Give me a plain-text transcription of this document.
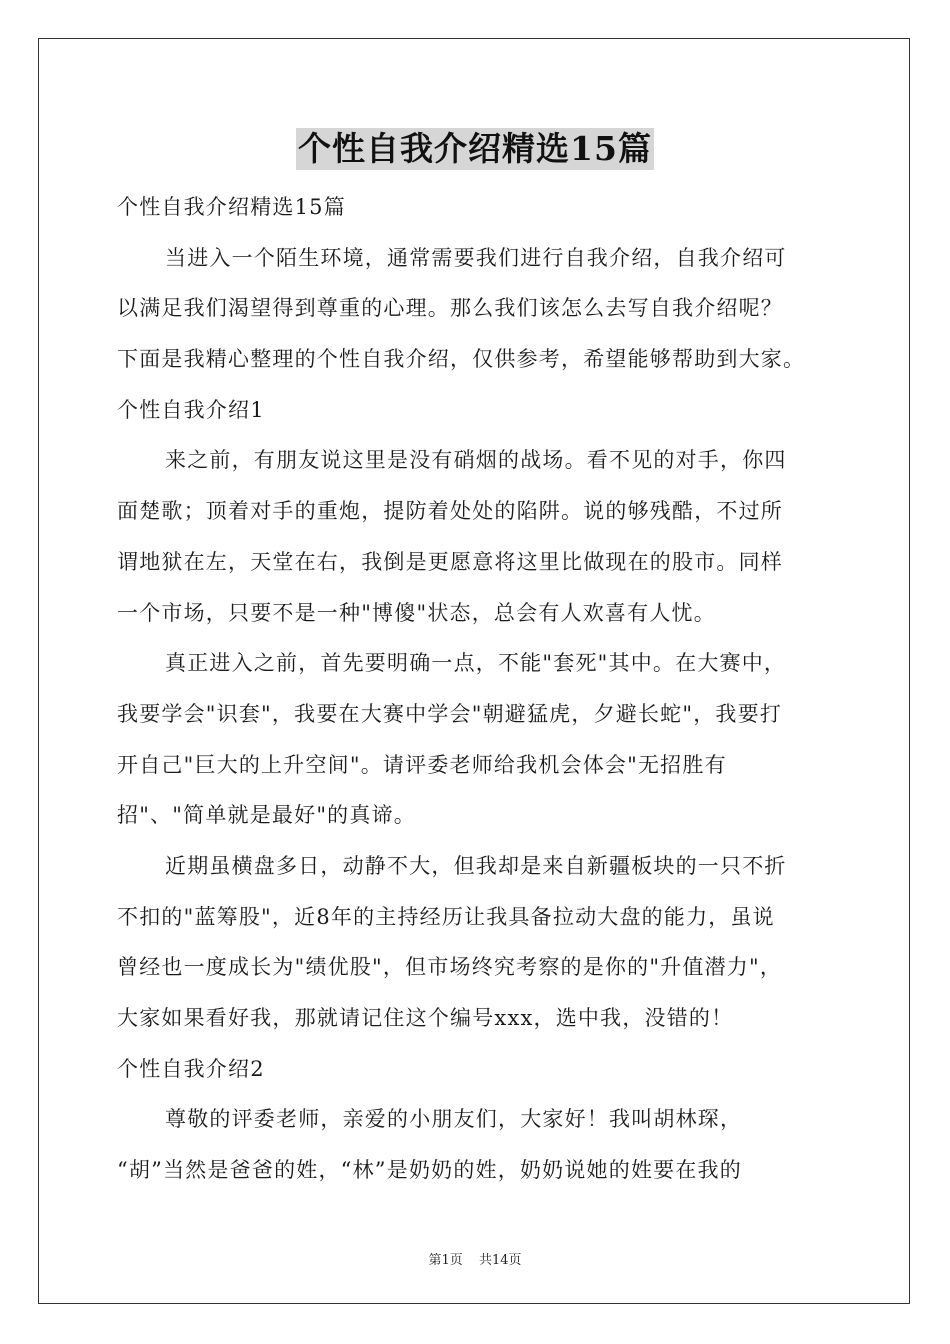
个性自我介绍精选15篇
个性自我介绍精选15篇
当进入一个陌生环境，通常需要我们进行自我介绍，自我介绍可
以满足我们渴望得到尊重的心理。那么我们该怎么去写自我介绍呢？
下面是我精心整理的个性自我介绍，仅供参考，希望能够帮助到大家。
个性自我介绍1
来之前，有朋友说这里是没有硝烟的战场。看不见的对手，你四
面楚歌；顶着对手的重炮，提防着处处的陷阱。说的够残酷，不过所
谓地狱在左，天堂在右，我倒是更愿意将这里比做现在的股市。同样
一个市场，只要不是一种"博傻"状态，总会有人欢喜有人忧。
真正进入之前，首先要明确一点，不能"套死"其中。在大赛中，
我要学会"识套"，我要在大赛中学会"朝避猛虎，夕避长蛇"，我要打
开自己"巨大的上升空间"。请评委老师给我机会体会"无招胜有
招"、"简单就是最好"的真谛。
近期虽横盘多日，动静不大，但我却是来自新疆板块的一只不折
不扣的"蓝筹股"，近8年的主持经历让我具备拉动大盘的能力，虽说
曾经也一度成长为"绩优股"，但市场终究考察的是你的"升值潜力"，
大家如果看好我，那就请记住这个编号xxx，选中我，没错的！
个性自我介绍2
尊敬的评委老师，亲爱的小朋友们，大家好！我叫胡林琛，
“胡”当然是爸爸的姓，“林”是奶奶的姓，奶奶说她的姓要在我的
第1页 共14页
